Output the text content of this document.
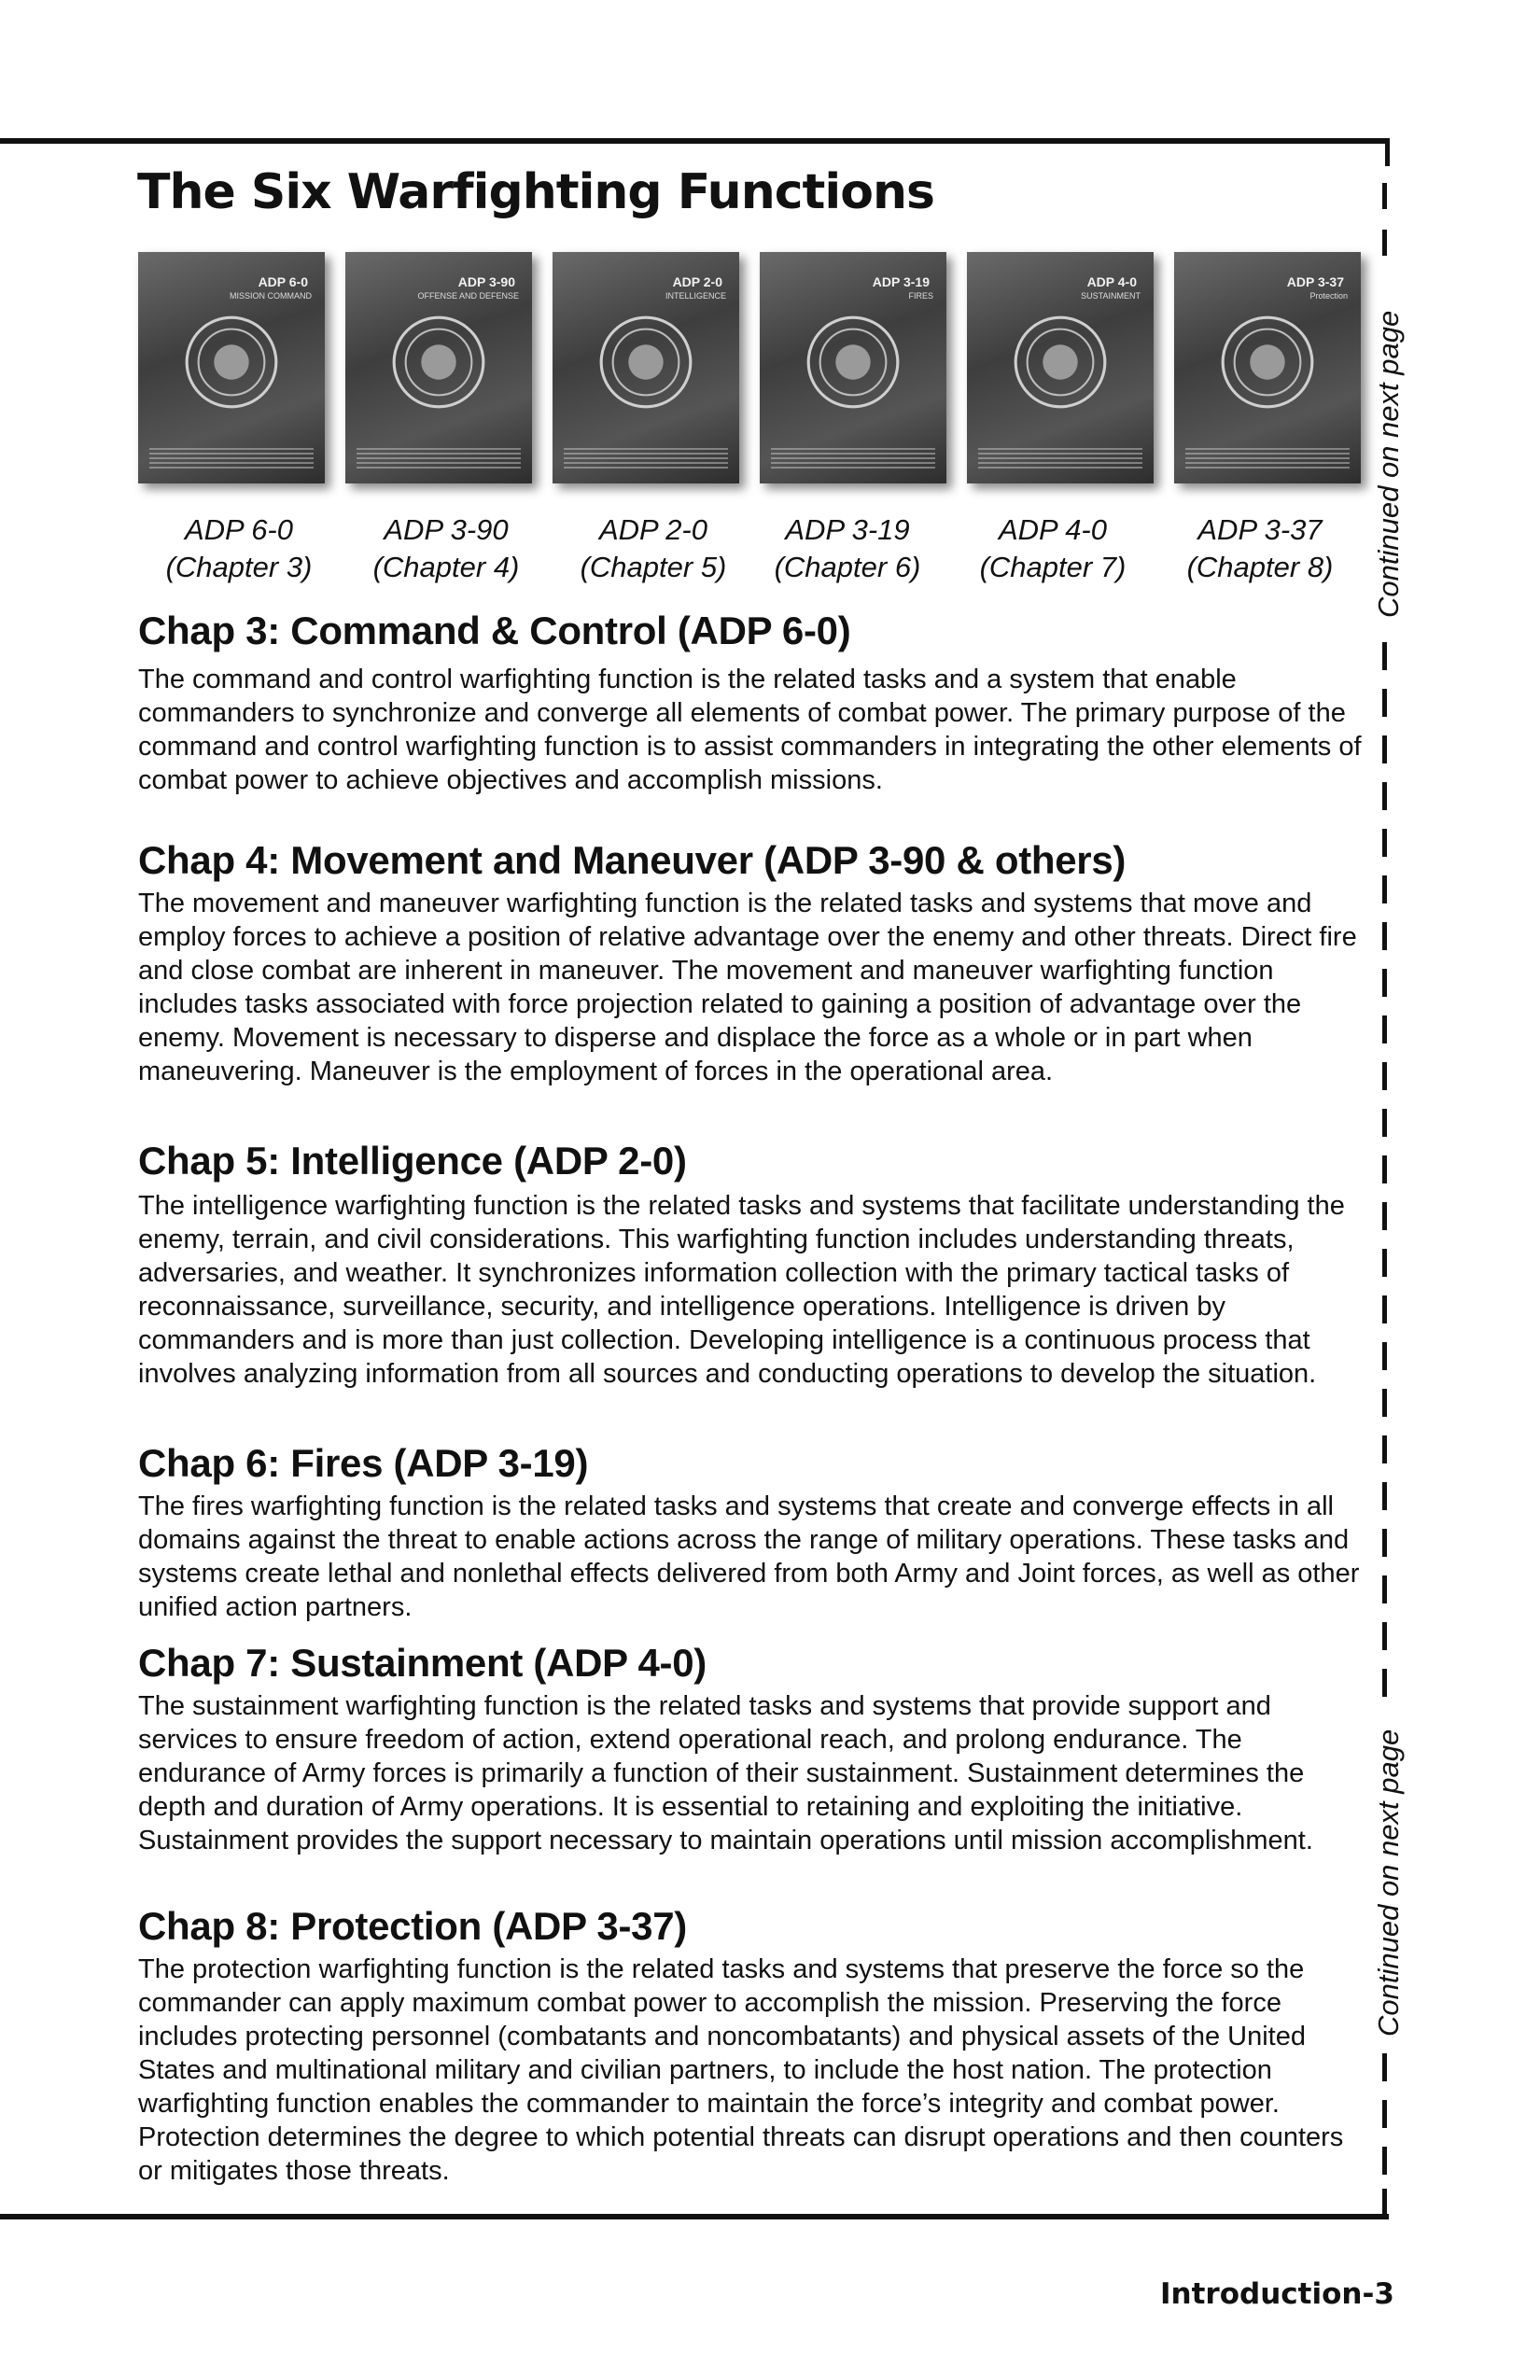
Continued on next page
Continued on next page
The Six Warfighting Functions
ADP 6-0
MISSION COMMAND
ADP 3-90
OFFENSE AND DEFENSE
ADP 2-0
INTELLIGENCE
ADP 3-19
FIRES
ADP 4-0
SUSTAINMENT
ADP 3-37
Protection
ADP 6-0
(Chapter 3)
ADP 3-90
(Chapter 4)
ADP 2-0
(Chapter 5)
ADP 3-19
(Chapter 6)
ADP 4-0
(Chapter 7)
ADP 3-37
(Chapter 8)
Chap 3: Command & Control (ADP 6-0)

The command and control warfighting function is the related tasks and a system that enable commanders to synchronize and converge all elements of combat power. The primary purpose of the command and control warfighting function is to assist commanders in integrating the other elements of combat power to achieve objectives and accomplish missions.

Chap 4: Movement and Maneuver (ADP 3-90 & others)

The movement and maneuver warfighting function is the related tasks and systems that move and employ forces to achieve a position of relative advantage over the enemy and other threats. Direct fire and close combat are inherent in maneuver. The movement and maneuver warfighting function includes tasks associated with force projection related to gaining a position of advantage over the enemy. Movement is necessary to disperse and displace the force as a whole or in part when maneuvering. Maneuver is the employment of forces in the operational area.

Chap 5: Intelligence (ADP 2-0)

The intelligence warfighting function is the related tasks and systems that facilitate understanding the enemy, terrain, and civil considerations. This warfighting function includes understanding threats, adversaries, and weather. It synchronizes information collection with the primary tactical tasks of reconnaissance, surveillance, security, and intelligence operations. Intelligence is driven by commanders and is more than just collection. Developing intelligence is a continuous process that involves analyzing information from all sources and conducting operations to develop the situation.

Chap 6: Fires (ADP 3-19)

The fires warfighting function is the related tasks and systems that create and converge effects in all domains against the threat to enable actions across the range of military operations. These tasks and systems create lethal and nonlethal effects delivered from both Army and Joint forces, as well as other unified action partners.

Chap 7: Sustainment (ADP 4-0)

The sustainment warfighting function is the related tasks and systems that provide support and services to ensure freedom of action, extend operational reach, and prolong endurance. The endurance of Army forces is primarily a function of their sustainment. Sustainment determines the depth and duration of Army operations. It is essential to retaining and exploiting the initiative. Sustainment provides the support necessary to maintain operations until mission accomplishment.

Chap 8: Protection (ADP 3-37)

The protection warfighting function is the related tasks and systems that preserve the force so the commander can apply maximum combat power to accomplish the mission. Preserving the force includes protecting personnel (combatants and noncombatants) and physical assets of the United States and multinational military and civilian partners, to include the host nation. The protection warfighting function enables the commander to maintain the force’s integrity and combat power. Protection determines the degree to which potential threats can disrupt operations and then counters or mitigates those threats.

Introduction-3
